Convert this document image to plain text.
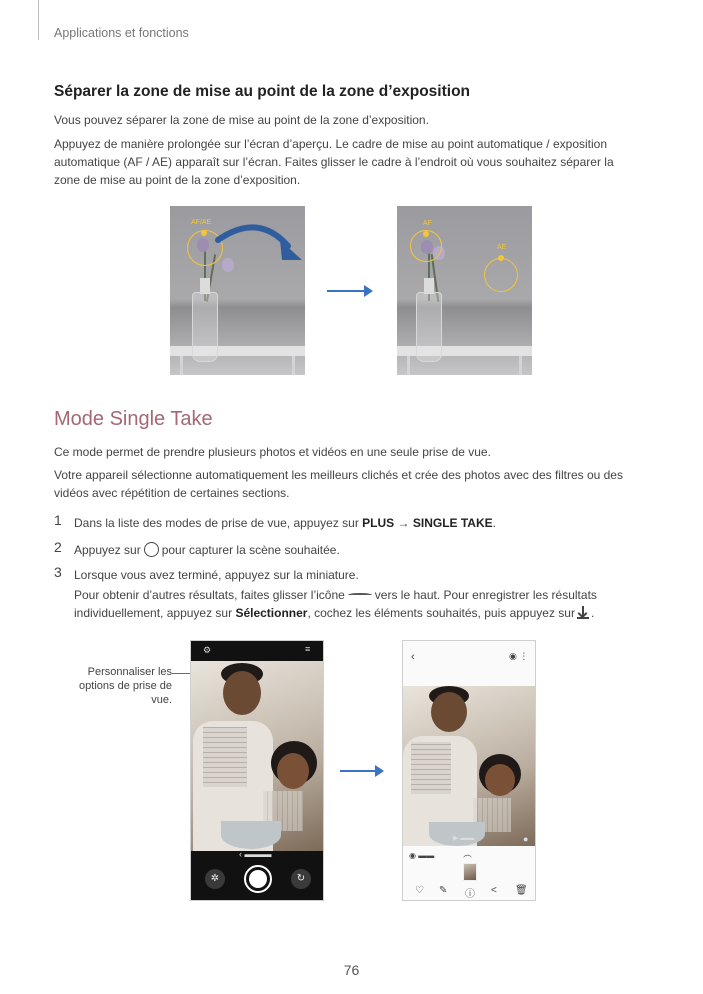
Applications et fonctions
Séparer la zone de mise au point de la zone d’exposition
Vous pouvez séparer la zone de mise au point de la zone d’exposition.
Appuyez de manière prolongée sur l’écran d’aperçu. Le cadre de mise au point automatique / exposition
automatique (AF / AE) apparaît sur l’écran. Faites glisser le cadre à l’endroit où vous souhaitez séparer la
zone de mise au point de la zone d’exposition.
AF/AE	AF
AE
Mode Single Take
Ce mode permet de prendre plusieurs photos et vidéos en une seule prise de vue.
Votre appareil sélectionne automatiquement les meilleurs clichés et crée des photos avec des filtres ou des
vidéos avec répétition de certaines sections.
1 Dans la liste des modes de prise de vue, appuyez sur PLUS → SINGLE TAKE.
2 Appuyez sur pour capturer la scène souhaitée.
3 Lorsque vous avez terminé, appuyez sur la miniature.
Pour obtenir d’autres résultats, faites glisser l’icône	vers le haut. Pour enregistrer les résultats
individuellement, appuyez sur Sélectionner, cochez les éléments souhaités, puis appuyez sur .
Personnaliser les options de prise de vue.
⚙	≡
‹ ▬▬▬
✲	↻
‹	◉ ⋮
▶ ▬▬	●
◉ ▬▬	︵
♡ ✎ ⓘ < 🗑
76
